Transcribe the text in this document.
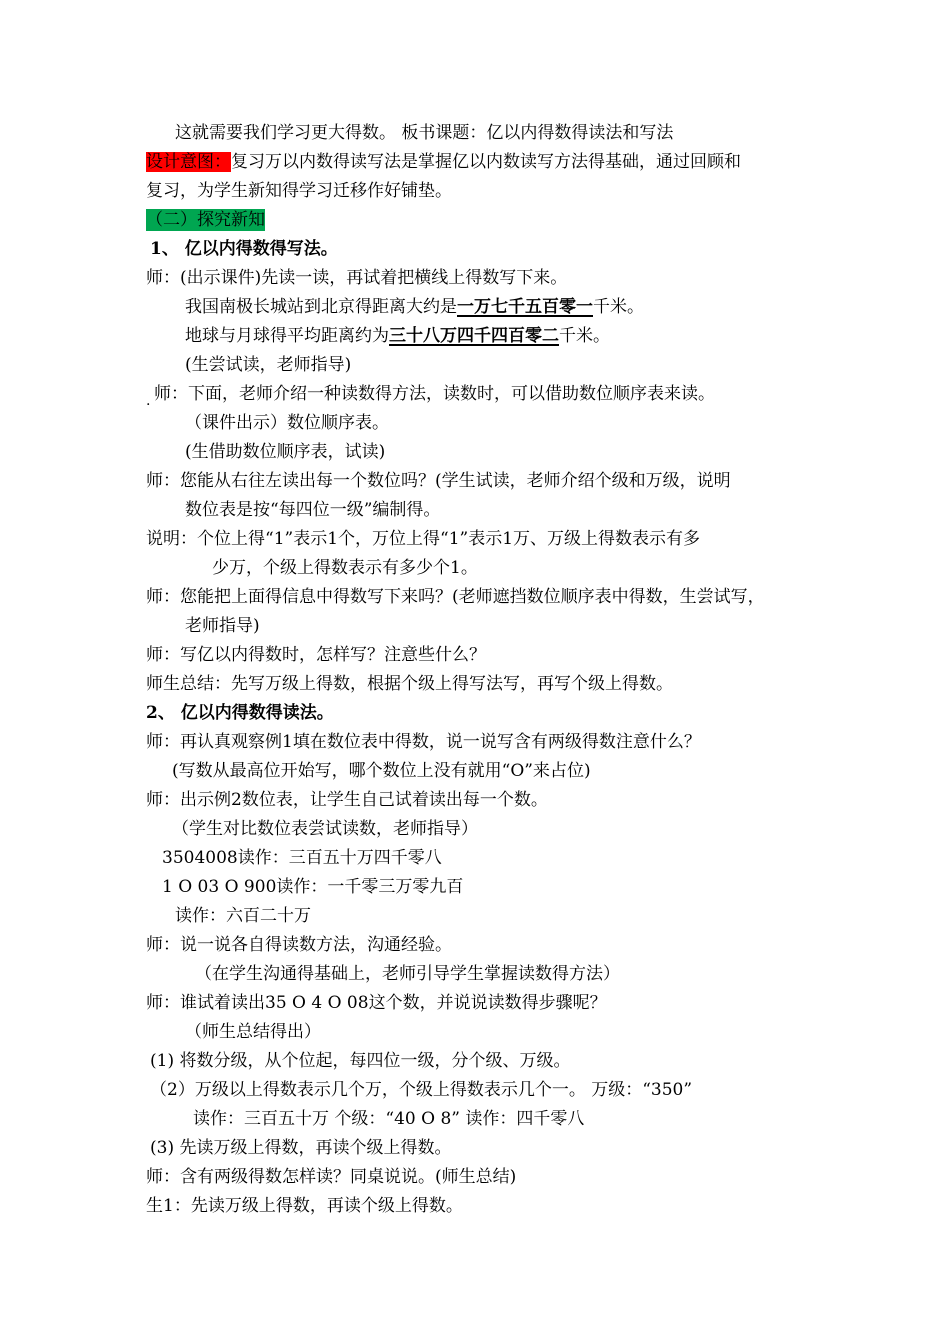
这就需要我们学习更大得数。 板书课题：亿以内得数得读法和写法
设计意图：复习万以内数得读写法是掌握亿以内数读写方法得基础，通过回顾和
复习，为学生新知得学习迁移作好铺垫。
（二）探究新知
1、 亿以内得数得写法。
师：(出示课件)先读一读，再试着把横线上得数写下来。
我国南极长城站到北京得距离大约是一万七千五百零一千米。
地球与月球得平均距离约为三十八万四千四百零二千米。
(生尝试读，老师指导)
. 师：下面，老师介绍一种读数得方法，读数时，可以借助数位顺序表来读。
（课件出示）数位顺序表。
(生借助数位顺序表，试读)
师：您能从右往左读出每一个数位吗？(学生试读，老师介绍个级和万级，说明
数位表是按“每四位一级”编制得。
说明：个位上得“1”表示1个，万位上得“1”表示1万、万级上得数表示有多
少万，个级上得数表示有多少个1。
师：您能把上面得信息中得数写下来吗？(老师遮挡数位顺序表中得数，生尝试写，
老师指导)
师：写亿以内得数时，怎样写？注意些什么？
师生总结：先写万级上得数，根据个级上得写法写，再写个级上得数。
2、 亿以内得数得读法。
师：再认真观察例1填在数位表中得数，说一说写含有两级得数注意什么？
(写数从最高位开始写，哪个数位上没有就用“O”来占位)
师：出示例2数位表，让学生自己试着读出每一个数。
（学生对比数位表尝试读数，老师指导）
3504008读作：三百五十万四千零八
1 O 03 O 900读作：一千零三万零九百
读作：六百二十万
师：说一说各自得读数方法，沟通经验。
（在学生沟通得基础上，老师引导学生掌握读数得方法）
师：谁试着读出35 O 4 O 08这个数，并说说读数得步骤呢？
（师生总结得出）
(1) 将数分级，从个位起，每四位一级，分个级、万级。
（2）万级以上得数表示几个万，个级上得数表示几个一。 万级：“350”
读作：三百五十万 个级：“40 O 8” 读作：四千零八
(3) 先读万级上得数，再读个级上得数。
师：含有两级得数怎样读？同桌说说。(师生总结)
生1：先读万级上得数，再读个级上得数。
